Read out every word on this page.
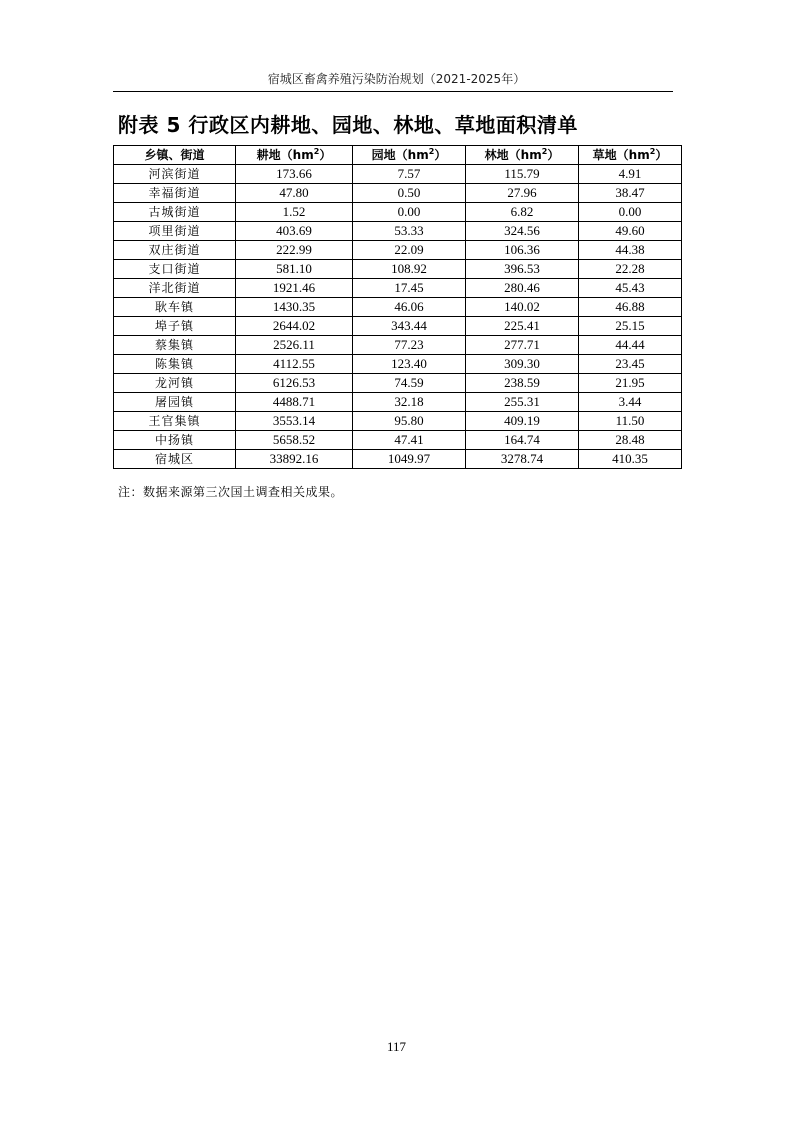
宿城区畜禽养殖污染防治规划（2021-2025年）
附表 5 行政区内耕地、园地、林地、草地面积清单
乡镇、街道	耕地$(hm^2)$	园地$(hm^2)$	林地$(hm^2)$	草地$(hm^2)$
河滨街道	173.66	7.57	115.79	4.91
幸福街道	47.80	0.50	27.96	38.47
古城街道	1.52	0.00	6.82	0.00
项里街道	403.69	53.33	324.56	49.60
双庄街道	222.99	22.09	106.36	44.38
支口街道	581.10	108.92	396.53	22.28
洋北街道	1921.46	17.45	280.46	45.43
耿车镇	1430.35	46.06	140.02	46.88
埠子镇	2644.02	343.44	225.41	25.15
蔡集镇	2526.11	77.23	277.71	44.44
陈集镇	4112.55	123.40	309.30	23.45
龙河镇	6126.53	74.59	238.59	21.95
屠园镇	4488.71	32.18	255.31	3.44
王官集镇	3553.14	95.80	409.19	11.50
中扬镇	5658.52	47.41	164.74	28.48
宿城区	33892.16	1049.97	3278.74	410.35
注：数据来源第三次国土调查相关成果。
117
